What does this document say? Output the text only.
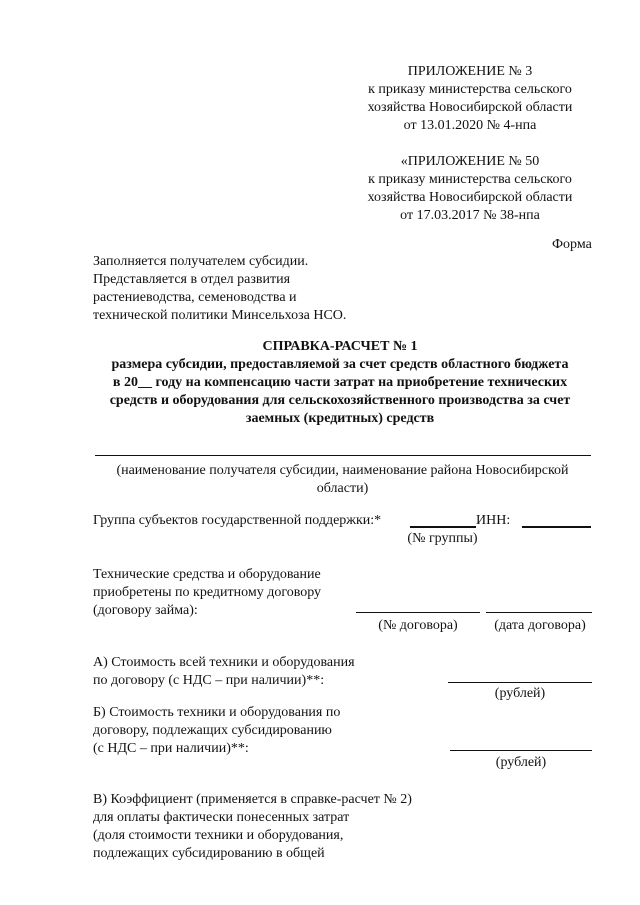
ПРИЛОЖЕНИЕ № 3
к приказу министерства сельского
хозяйства Новосибирской области
от 13.01.2020 № 4-нпа
«ПРИЛОЖЕНИЕ № 50
к приказу министерства сельского
хозяйства Новосибирской области
от 17.03.2017 № 38-нпа
Форма
Заполняется получателем субсидии.
Представляется в отдел развития
растениеводства, семеноводства и
технической политики Минсельхоза НСО.
СПРАВКА-РАСЧЕТ № 1
размера субсидии, предоставляемой за счет средств областного бюджета
в 20__ году на компенсацию части затрат на приобретение технических
средств и оборудования для сельскохозяйственного производства за счет
заемных (кредитных) средств
(наименование получателя субсидии, наименование района Новосибирской
области)
Группа субъектов государственной поддержки:*	ИНН:
(№ группы)
Технические средства и оборудование
приобретены по кредитному договору
(договору займа):
(№ договора)	(дата договора)
А) Стоимость всей техники и оборудования
по договору (с НДС – при наличии)**:
(рублей)
Б) Стоимость техники и оборудования по
договору, подлежащих субсидированию
(с НДС – при наличии)**:
(рублей)
В) Коэффициент (применяется в справке-расчет № 2)
для оплаты фактически понесенных затрат
(доля стоимости техники и оборудования,
подлежащих субсидированию в общей
